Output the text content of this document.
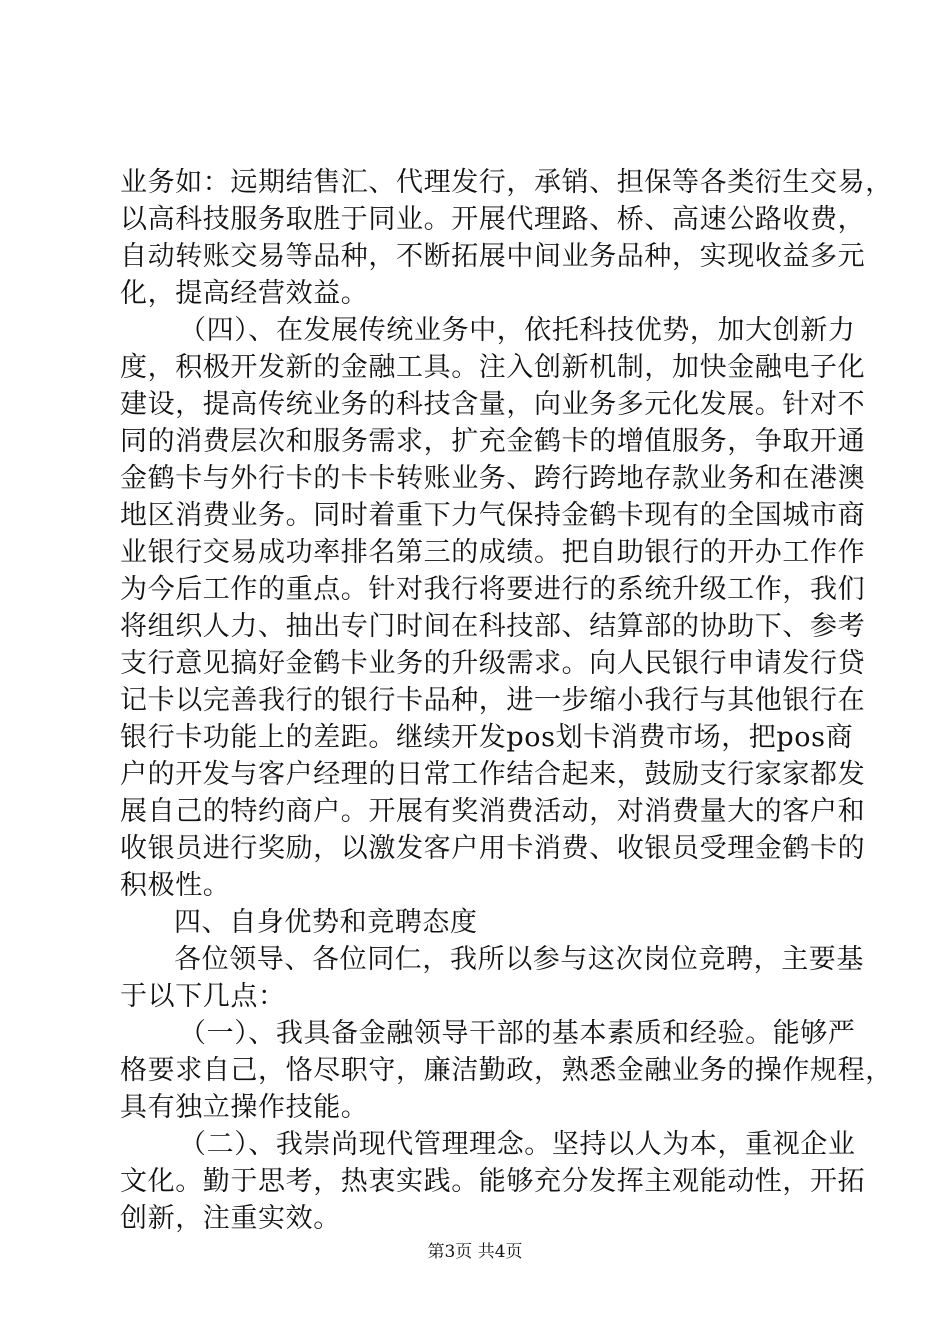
业务如：远期结售汇、代理发行，承销、担保等各类衍生交易，
以高科技服务取胜于同业。开展代理路、桥、高速公路收费，
自动转账交易等品种，不断拓展中间业务品种，实现收益多元
化，提高经营效益。
（四）、在发展传统业务中，依托科技优势，加大创新力
度，积极开发新的金融工具。注入创新机制，加快金融电子化
建设，提高传统业务的科技含量，向业务多元化发展。针对不
同的消费层次和服务需求，扩充金鹤卡的增值服务，争取开通
金鹤卡与外行卡的卡卡转账业务、跨行跨地存款业务和在港澳
地区消费业务。同时着重下力气保持金鹤卡现有的全国城市商
业银行交易成功率排名第三的成绩。把自助银行的开办工作作
为今后工作的重点。针对我行将要进行的系统升级工作，我们
将组织人力、抽出专门时间在科技部、结算部的协助下、参考
支行意见搞好金鹤卡业务的升级需求。向人民银行申请发行贷
记卡以完善我行的银行卡品种，进一步缩小我行与其他银行在
银行卡功能上的差距。继续开发pos划卡消费市场，把pos商
户的开发与客户经理的日常工作结合起来，鼓励支行家家都发
展自己的特约商户。开展有奖消费活动，对消费量大的客户和
收银员进行奖励，以激发客户用卡消费、收银员受理金鹤卡的
积极性。
四、自身优势和竞聘态度
各位领导、各位同仁，我所以参与这次岗位竞聘，主要基
于以下几点：
（一）、我具备金融领导干部的基本素质和经验。能够严
格要求自己，恪尽职守，廉洁勤政，熟悉金融业务的操作规程，
具有独立操作技能。
（二）、我崇尚现代管理理念。坚持以人为本，重视企业
文化。勤于思考，热衷实践。能够充分发挥主观能动性，开拓
创新，注重实效。
第3页 共4页
